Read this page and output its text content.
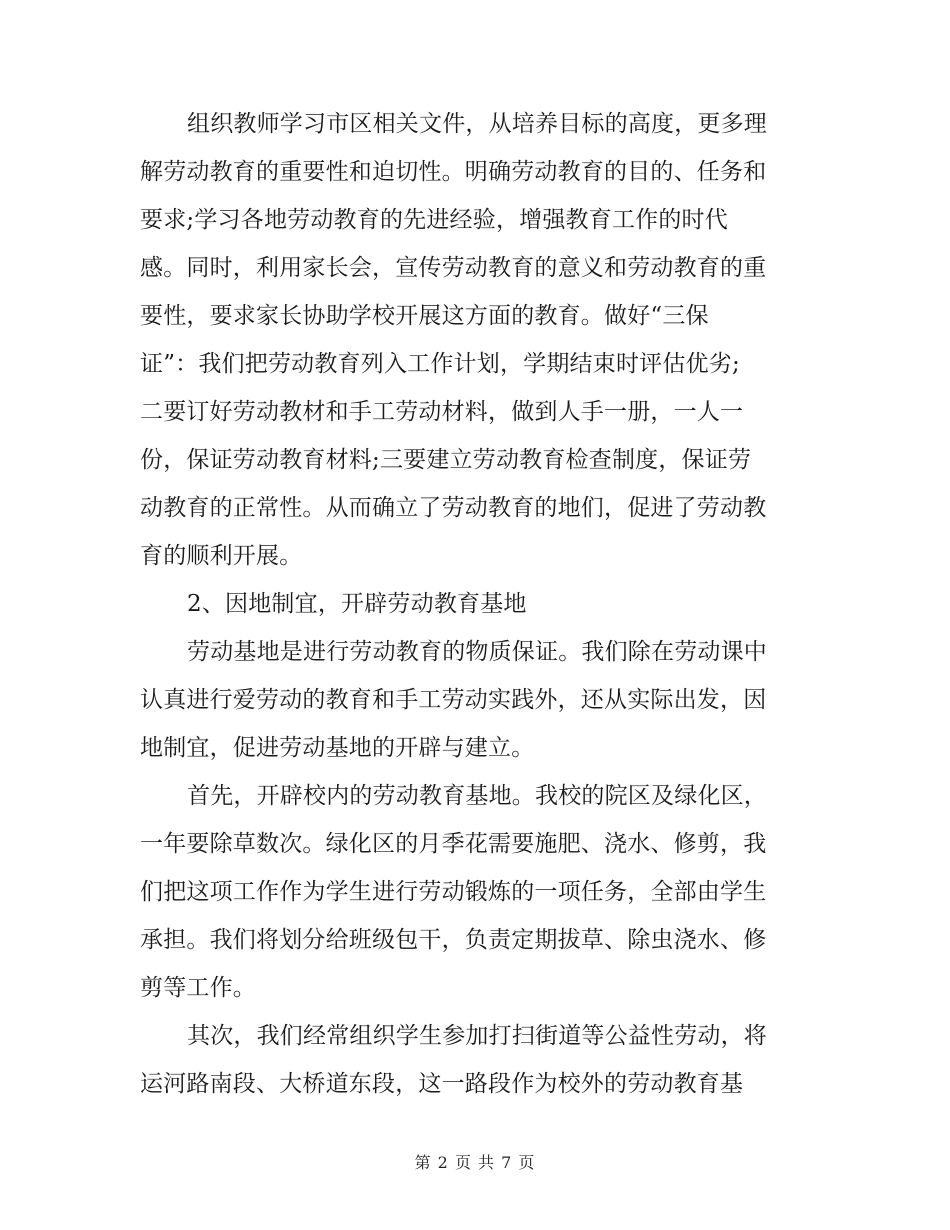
组织教师学习市区相关文件，从培养目标的高度，更多理
解劳动教育的重要性和迫切性。明确劳动教育的目的、任务和
要求;学习各地劳动教育的先进经验，增强教育工作的时代
感。同时，利用家长会，宣传劳动教育的意义和劳动教育的重
要性，要求家长协助学校开展这方面的教育。做好“三保
证”：我们把劳动教育列入工作计划，学期结束时评估优劣;
二要订好劳动教材和手工劳动材料，做到人手一册，一人一
份，保证劳动教育材料;三要建立劳动教育检查制度，保证劳
动教育的正常性。从而确立了劳动教育的地们，促进了劳动教
育的顺利开展。
2、因地制宜，开辟劳动教育基地
劳动基地是进行劳动教育的物质保证。我们除在劳动课中
认真进行爱劳动的教育和手工劳动实践外，还从实际出发，因
地制宜，促进劳动基地的开辟与建立。
首先，开辟校内的劳动教育基地。我校的院区及绿化区，
一年要除草数次。绿化区的月季花需要施肥、浇水、修剪，我
们把这项工作作为学生进行劳动锻炼的一项任务，全部由学生
承担。我们将划分给班级包干，负责定期拔草、除虫浇水、修
剪等工作。
其次，我们经常组织学生参加打扫街道等公益性劳动，将
运河路南段、大桥道东段，这一路段作为校外的劳动教育基
第 2 页 共 7 页
